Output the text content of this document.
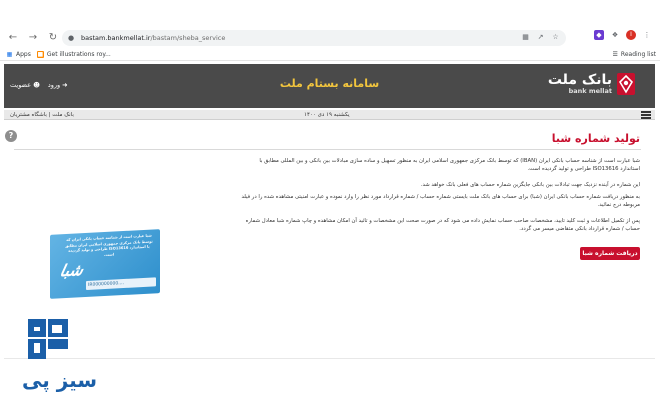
← → ↻	● bastam.bankmellat.ir/bastam/sheba_service	▦ ↗ ☆	◆	❖	I	⋮
▦ Apps ■ Get illustrations roy...	☰ Reading list
➜
ورود
☻
عضویت	سامانه بستام ملت	بانک ملت
bank mellat
بانک ملت | باشگاه مشتریان	یکشنبه ۱۹ دی ۱۴۰۰
?	تولید شماره شبا

شبا عبارت است از شناسه حساب بانکی ایران (IBAN) که توسط بانک مرکزی جمهوری اسلامی ایران به منظور تسهیل و ساده سازی مبادلات بین بانکی و بین المللی مطابق با استاندارد ISO13616 طراحی و تولید گردیده است.

این شماره در آینده نزدیک جهت تبادلات بین بانکی جایگزین شماره حساب های فعلی بانک خواهد شد.

به منظور دریافت شماره حساب بانکی ایران (شبا) برای حساب های بانک ملت بایستی شماره حساب / شماره قرارداد مورد نظر را وارد نموده و عبارت امنیتی مشاهده شده را در فیلد مربوطه درج نمائید.

پس از تکمیل اطلاعات و ثبت کلید تایید، مشخصات صاحب حساب نمایش داده می شود که در صورت صحت این مشخصات و تائید آن امکان مشاهده و چاپ شماره شبا معادل شماره حساب / شماره قرارداد بانکی متقاضی میسر می گردد.

دریافت شماره شبا
شبا عبارت است از شناسه حساب بانکی ایران که توسط بانک مرکزی جمهوری اسلامی ایران مطابق با استاندارد ISO13616 طراحی و تولید گردیده است.
شبا
IR000000000....
سیز پی
